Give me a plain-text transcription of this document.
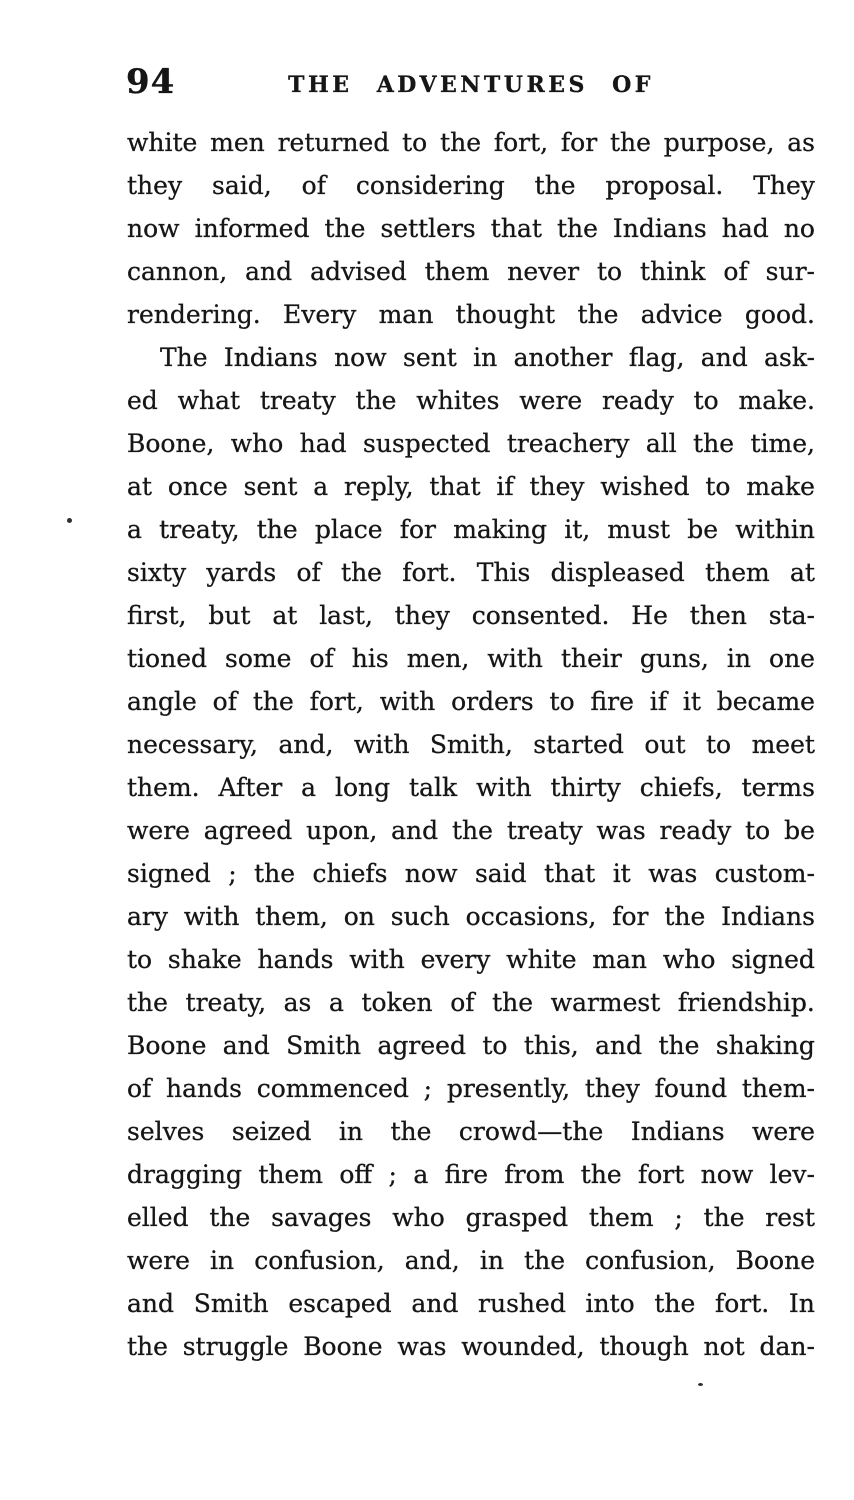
94	THE ADVENTURES OF
white men returned to the fort, for the purpose, as
they said, of considering the proposal. They
now informed the settlers that the Indians had no
cannon, and advised them never to think of sur-
rendering. Every man thought the advice good.
The Indians now sent in another flag, and ask-
ed what treaty the whites were ready to make.
Boone, who had suspected treachery all the time,
at once sent a reply, that if they wished to make
a treaty, the place for making it, must be within
sixty yards of the fort. This displeased them at
first, but at last, they consented. He then sta-
tioned some of his men, with their guns, in one
angle of the fort, with orders to fire if it became
necessary, and, with Smith, started out to meet
them. After a long talk with thirty chiefs, terms
were agreed upon, and the treaty was ready to be
signed ; the chiefs now said that it was custom-
ary with them, on such occasions, for the Indians
to shake hands with every white man who signed
the treaty, as a token of the warmest friendship.
Boone and Smith agreed to this, and the shaking
of hands commenced ; presently, they found them-
selves seized in the crowd—the Indians were
dragging them off ; a fire from the fort now lev-
elled the savages who grasped them ; the rest
were in confusion, and, in the confusion, Boone
and Smith escaped and rushed into the fort. In
the struggle Boone was wounded, though not dan-
